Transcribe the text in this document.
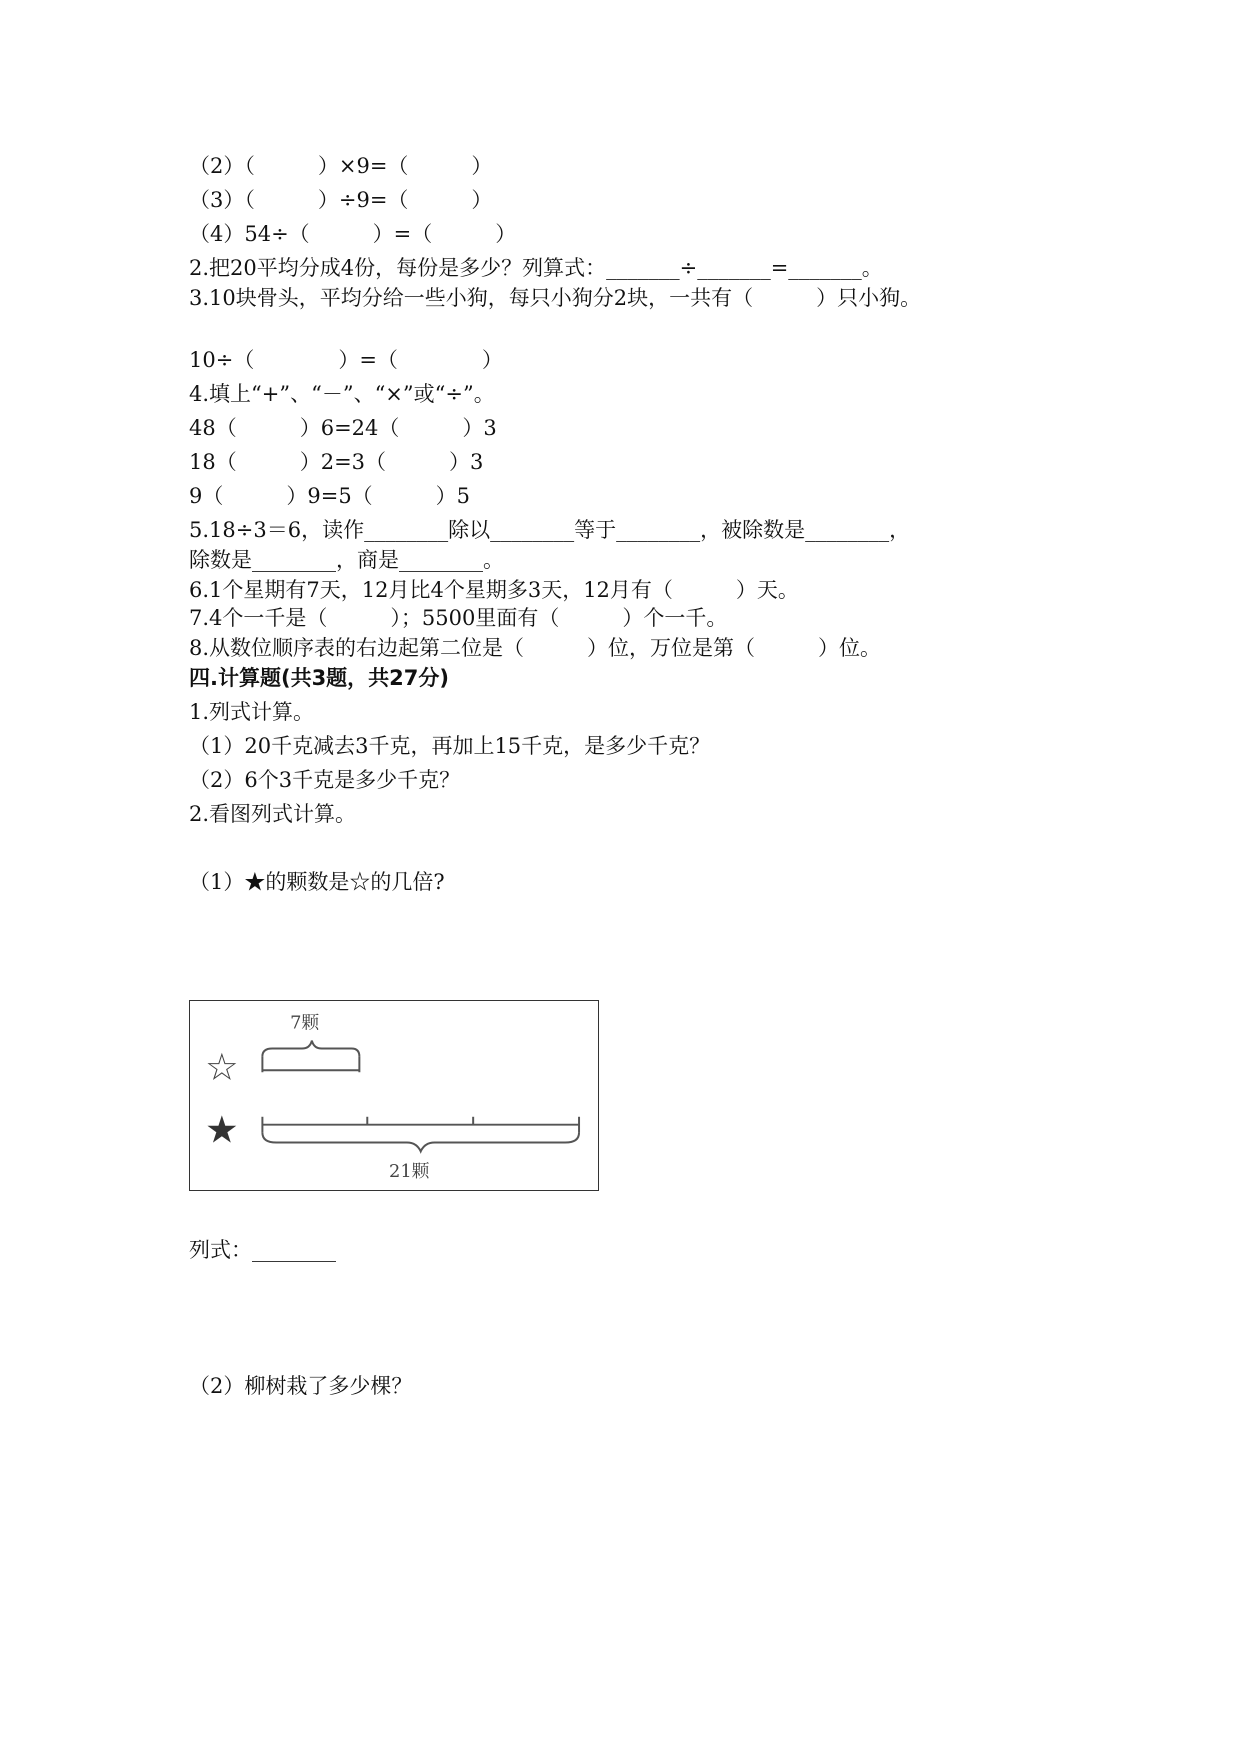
（2）（　　　）×9=（　　　）
（3）（　　　）÷9=（　　　）
（4）54÷（　　　）=（　　　）
2.把20平均分成4份，每份是多少？列算式：_______÷_______=_______。
3.10块骨头，平均分给一些小狗，每只小狗分2块，一共有（　　　）只小狗。
10÷（　　　　）=（　　　　）
4.填上“+”、“－”、“×”或“÷”。
48（　　　）6=24（　　　）3
18（　　　）2=3（　　　）3
9（　　　）9=5（　　　）5
5.18÷3＝6，读作________除以________等于________，被除数是________，
除数是________，商是________。
6.1个星期有7天，12月比4个星期多3天，12月有（　　　）天。
7.4个一千是（　　　）；5500里面有（　　　）个一千。
8.从数位顺序表的右边起第二位是（　　　）位，万位是第（　　　）位。
四.计算题(共3题，共27分)
1.列式计算。
（1）20千克减去3千克，再加上15千克，是多少千克？
（2）6个3千克是多少千克？
2.看图列式计算。
（1）★的颗数是☆的几倍?
7颗
☆
★
21颗
列式：________
（2）柳树栽了多少棵？
